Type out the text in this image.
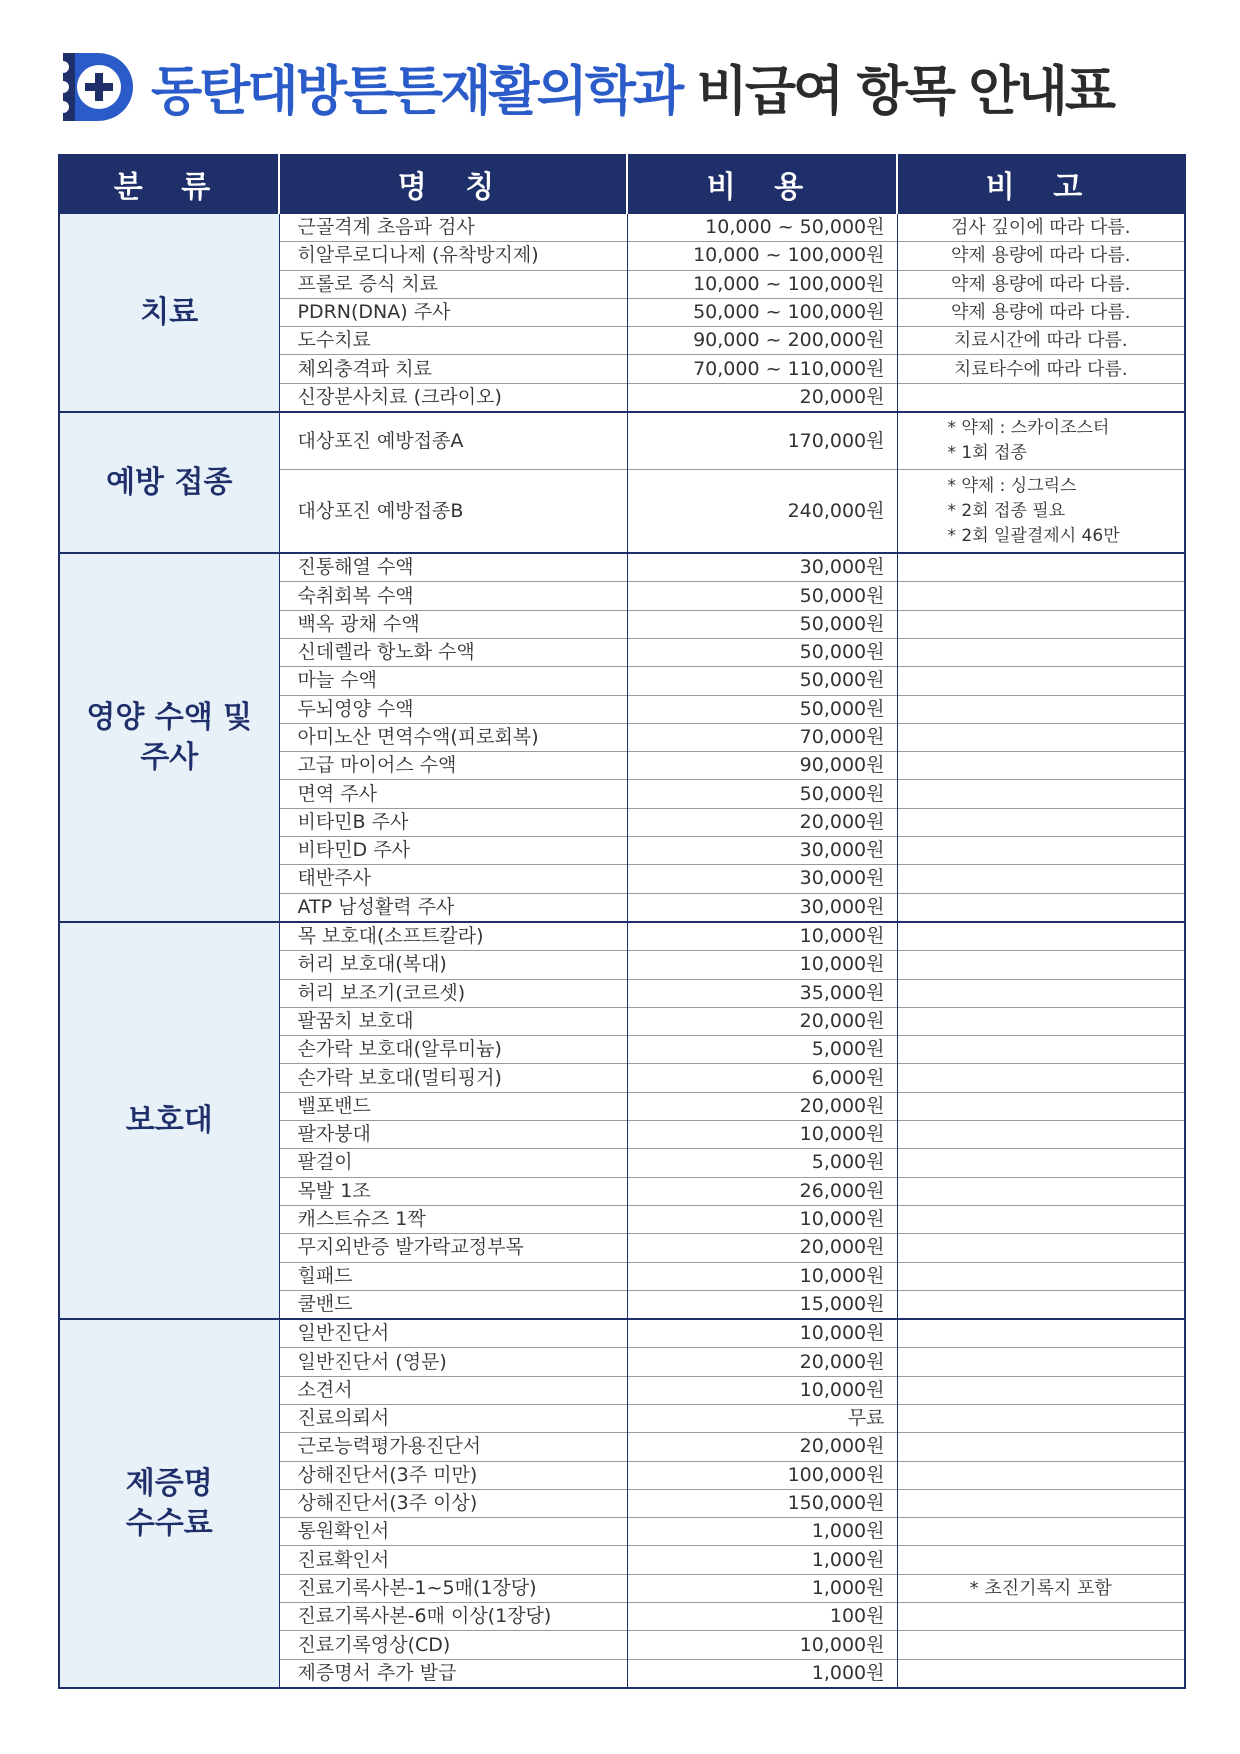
동탄대방튼튼재활의학과 비급여 항목 안내표
분 류	명 칭	비 용	비 고
치료	근골격계 초음파 검사	10,000 ~ 50,000원	검사 깊이에 따라 다름.
	히알루로디나제 (유착방지제)	10,000 ~ 100,000원	약제 용량에 따라 다름.
	프롤로 증식 치료	10,000 ~ 100,000원	약제 용량에 따라 다름.
	PDRN(DNA) 주사	50,000 ~ 100,000원	약제 용량에 따라 다름.
	도수치료	90,000 ~ 200,000원	치료시간에 따라 다름.
	체외충격파 치료	70,000 ~ 110,000원	치료타수에 따라 다름.
	신장분사치료 (크라이오)	20,000원	
예방 접종	대상포진 예방접종A	170,000원	* 약제 : 스카이조스터
* 1회 접종

	대상포진 예방접종B	240,000원	* 약제 : 싱그릭스
* 2회 접종 필요
* 2회 일괄결제시 46만

영양 수액 및
주사	진통해열 수액	30,000원	
	숙취회복 수액	50,000원	
	백옥 광채 수액	50,000원	
	신데렐라 항노화 수액	50,000원	
	마늘 수액	50,000원	
	두뇌영양 수액	50,000원	
	아미노산 면역수액(피로회복)	70,000원	
	고급 마이어스 수액	90,000원	
	면역 주사	50,000원	
	비타민B 주사	20,000원	
	비타민D 주사	30,000원	
	태반주사	30,000원	
	ATP 남성활력 주사	30,000원	
보호대	목 보호대(소프트칼라)	10,000원	
	허리 보호대(복대)	10,000원	
	허리 보조기(코르셋)	35,000원	
	팔꿈치 보호대	20,000원	
	손가락 보호대(알루미늄)	5,000원	
	손가락 보호대(멀티핑거)	6,000원	
	밸포밴드	20,000원	
	팔자붕대	10,000원	
	팔걸이	5,000원	
	목발 1조	26,000원	
	캐스트슈즈 1짝	10,000원	
	무지외반증 발가락교정부목	20,000원	
	힐패드	10,000원	
	쿨밴드	15,000원	

제증명
수수료	일반진단서	10,000원	
	일반진단서 (영문)	20,000원	
	소견서	10,000원	
	진료의뢰서	무료	
	근로능력평가용진단서	20,000원	
	상해진단서(3주 미만)	100,000원	
	상해진단서(3주 이상)	150,000원	
	통원확인서	1,000원	
	진료확인서	1,000원	
	진료기록사본-1~5매(1장당)	1,000원	* 초진기록지 포함
	진료기록사본-6매 이상(1장당)	100원	
	진료기록영상(CD)	10,000원	
	제증명서 추가 발급	1,000원	
